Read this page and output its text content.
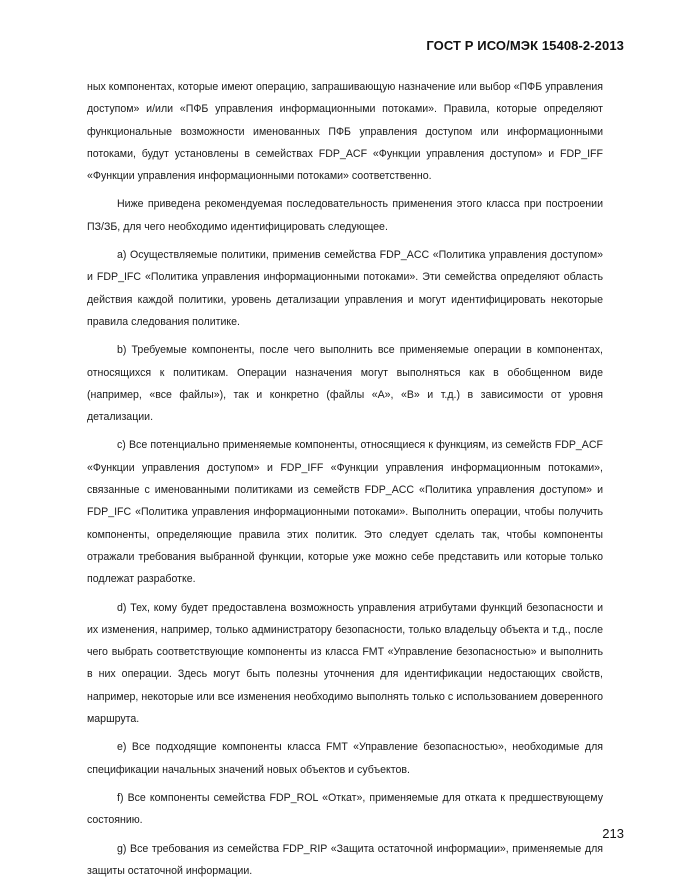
ГОСТ Р ИСО/МЭК 15408-2-2013

ных компонентах, которые имеют операцию, запрашивающую назначение или выбор «ПФБ управления доступом» и/или «ПФБ управления информационными потоками». Правила, которые определяют функциональные возможности именованных ПФБ управления доступом или информационными потоками, будут установлены в семействах FDP_ACF «Функции управления доступом» и FDP_IFF «Функции управления информационными потоками» соответственно.

Ниже приведена рекомендуемая последовательность применения этого класса при построении ПЗ/ЗБ, для чего необходимо идентифицировать следующее.

a) Осуществляемые политики, применив семейства FDP_ACC «Политика управления доступом» и FDP_IFC «Политика управления информационными потоками». Эти семейства определяют область действия каждой политики, уровень детализации управления и могут идентифицировать некоторые правила следования политике.

b) Требуемые компоненты, после чего выполнить все применяемые операции в компонентах, относящихся к политикам. Операции назначения могут выполняться как в обобщенном виде (например, «все файлы»), так и конкретно (файлы «А», «В» и т.д.) в зависимости от уровня детализации.

c) Все потенциально применяемые компоненты, относящиеся к функциям, из семейств FDP_ACF «Функции управления доступом» и FDP_IFF «Функции управления информационным потоками», связанные с именованными политиками из семейств FDP_ACC «Политика управления доступом» и FDP_IFC «Политика управления информационными потоками». Выполнить операции, чтобы получить компоненты, определяющие правила этих политик. Это следует сделать так, чтобы компоненты отражали требования выбранной функции, которые уже можно себе представить или которые только подлежат разработке.

d) Тех, кому будет предоставлена возможность управления атрибутами функций безопасности и их изменения, например, только администратору безопасности, только владельцу объекта и т.д., после чего выбрать соответствующие компоненты из класса FMT «Управление безопасностью» и выполнить в них операции. Здесь могут быть полезны уточнения для идентификации недостающих свойств, например, некоторые или все изменения необходимо выполнять только с использованием доверенного маршрута.

e) Все подходящие компоненты класса FMT «Управление безопасностью», необходимые для спецификации начальных значений новых объектов и субъектов.

f) Все компоненты семейства FDP_ROL «Откат», применяемые для отката к предшествующему состоянию.

g) Все требования из семейства FDP_RIP «Защита остаточной информации», применяемые для защиты остаточной информации.

213
